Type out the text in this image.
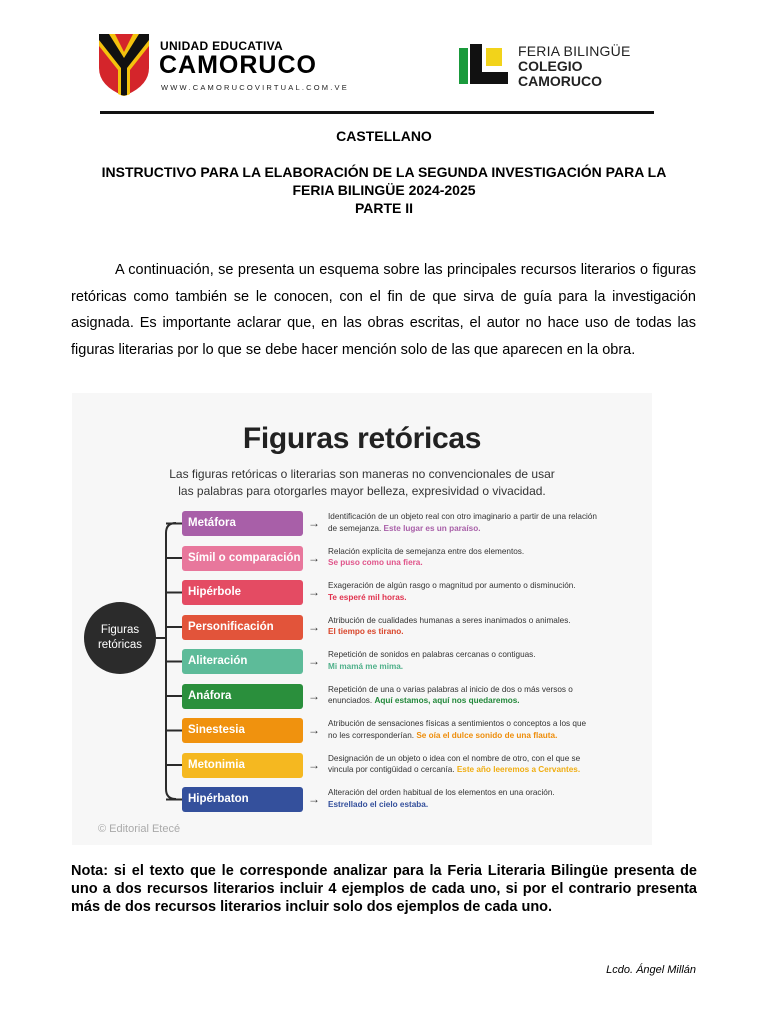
UNIDAD EDUCATIVA
CAMORUCO
WWW.CAMORUCOVIRTUAL.COM.VE
FERIA BILINGÜE
COLEGIO
CAMORUCO
CASTELLANO
INSTRUCTIVO PARA LA ELABORACIÓN DE LA SEGUNDA INVESTIGACIÓN PARA LA
FERIA BILINGÜE 2024-2025
PARTE II
A continuación, se presenta un esquema sobre las principales recursos literarios o figuras retóricas como también se le conocen, con el fin de que sirva de guía para la investigación asignada. Es importante aclarar que, en las obras escritas, el autor no hace uso de todas las figuras literarias por lo que se debe hacer mención solo de las que aparecen en la obra.
Figuras retóricas
Las figuras retóricas o literarias son maneras no convencionales de usar
las palabras para otorgarles mayor belleza, expresividad o vivacidad.
Figuras
retóricas
Metáfora	→ Identificación de un objeto real con otro imaginario a partir de una relación
de semejanza. Este lugar es un paraíso.
Símil o comparación → Relación explícita de semejanza entre dos elementos.
Se puso como una fiera.
Hipérbole	→ Exageración de algún rasgo o magnitud por aumento o disminución.
Te esperé mil horas.
Personificación	→ Atribución de cualidades humanas a seres inanimados o animales.
El tiempo es tirano.
Aliteración	→ Repetición de sonidos en palabras cercanas o contiguas.
Mi mamá me mima.
Anáfora	→ Repetición de una o varias palabras al inicio de dos o más versos o
enunciados. Aquí estamos, aquí nos quedaremos.
Sinestesia	→ Atribución de sensaciones físicas a sentimientos o conceptos a los que
no les corresponderían. Se oía el dulce sonido de una flauta.
Metonimia	→ Designación de un objeto o idea con el nombre de otro, con el que se
vincula por contigüidad o cercanía. Este año leeremos a Cervantes.
Hipérbaton	→ Alteración del orden habitual de los elementos en una oración.
Estrellado el cielo estaba.
© Editorial Etecé
Nota: si el texto que le corresponde analizar para la Feria Literaria Bilingüe presenta de uno a dos recursos literarios incluir 4 ejemplos de cada uno, si por el contrario presenta más de dos recursos literarios incluir solo dos ejemplos de cada uno.
Lcdo. Ángel Millán
